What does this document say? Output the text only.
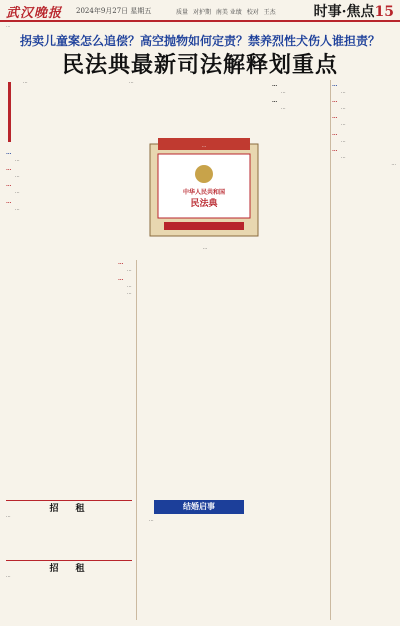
武汉晚报 2024年9月27日 星期五	质量 对护期 南美 业绩 校对 王杰	时事·焦点15
…
拐卖儿童案怎么追偿？高空抛物如何定责？禁养烈性犬伤人谁担责？
民法典最新司法解释划重点

…

…

…

…

…

…

…

…

…

…

…
中华人民共和国
民法典
…

…

…

…

…

…

…

…

…

…

…

…

…

…

…

…

…

…

…

…

…

结婚启事

…

招　租
…
招　租
…
